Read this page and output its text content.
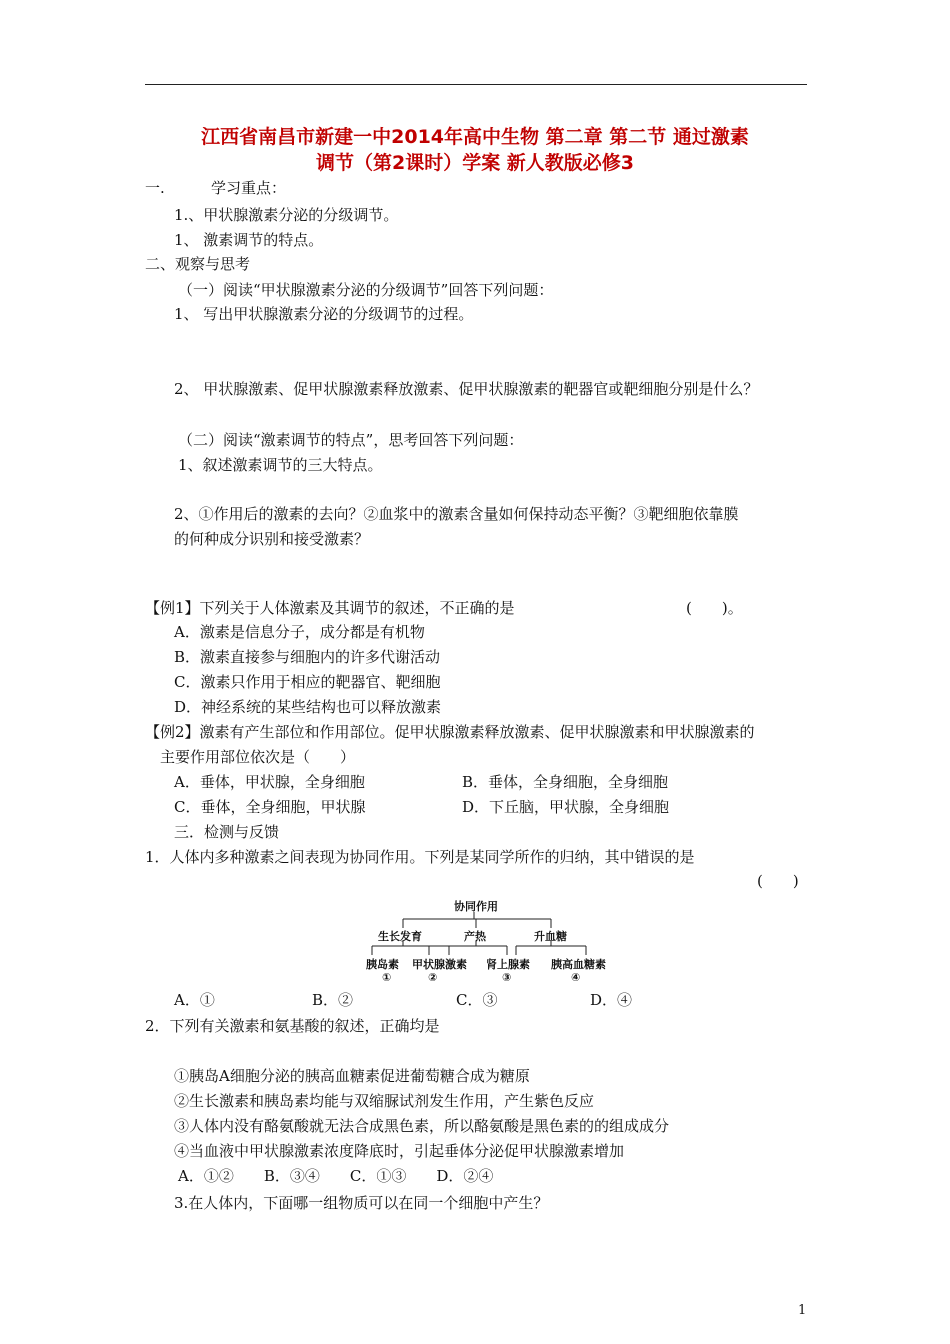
江西省南昌市新建一中2014年高中生物 第二章 第二节 通过激素
调节（第2课时）学案 新人教版必修3
一.	学习重点：
1.、甲状腺激素分泌的分级调节。
1、 激素调节的特点。
二、观察与思考
（一）阅读“甲状腺激素分泌的分级调节”回答下列问题：
1、 写出甲状腺激素分泌的分级调节的过程。
2、 甲状腺激素、促甲状腺激素释放激素、促甲状腺激素的靶器官或靶细胞分别是什么？
（二）阅读“激素调节的特点”，思考回答下列问题：
1、叙述激素调节的三大特点。
2、①作用后的激素的去向？②血浆中的激素含量如何保持动态平衡？③靶细胞依靠膜
的何种成分识别和接受激素？
【例1】下列关于人体激素及其调节的叙述，不正确的是	(　　)。
A．激素是信息分子，成分都是有机物
B．激素直接参与细胞内的许多代谢活动
C．激素只作用于相应的靶器官、靶细胞
D．神经系统的某些结构也可以释放激素
【例2】激素有产生部位和作用部位。促甲状腺激素释放激素、促甲状腺激素和甲状腺激素的
主要作用部位依次是（　　）
A．垂体，甲状腺，全身细胞	B．垂体，全身细胞，全身细胞
C．垂体，全身细胞，甲状腺	D．下丘脑，甲状腺，全身细胞
三．检测与反馈
1．人体内多种激素之间表现为协同作用。下列是某同学所作的归纳，其中错误的是
(　　)
协同作用
生长发育	产热	升血糖
胰岛素 甲状腺激素 肾上腺素 胰高血糖素
①	②	③	④
A．①	B．②	C．③	D．④
2．下列有关激素和氨基酸的叙述，正确均是
①胰岛A细胞分泌的胰高血糖素促进葡萄糖合成为糖原
②生长激素和胰岛素均能与双缩脲试剂发生作用，产生紫色反应
③人体内没有酪氨酸就无法合成黑色素，所以酪氨酸是黑色素的的组成成分
④当血液中甲状腺激素浓度降底时，引起垂体分泌促甲状腺激素增加
A．①②　　B．③④　　C．①③　　D．②④
3.在人体内，下面哪一组物质可以在同一个细胞中产生？
1
